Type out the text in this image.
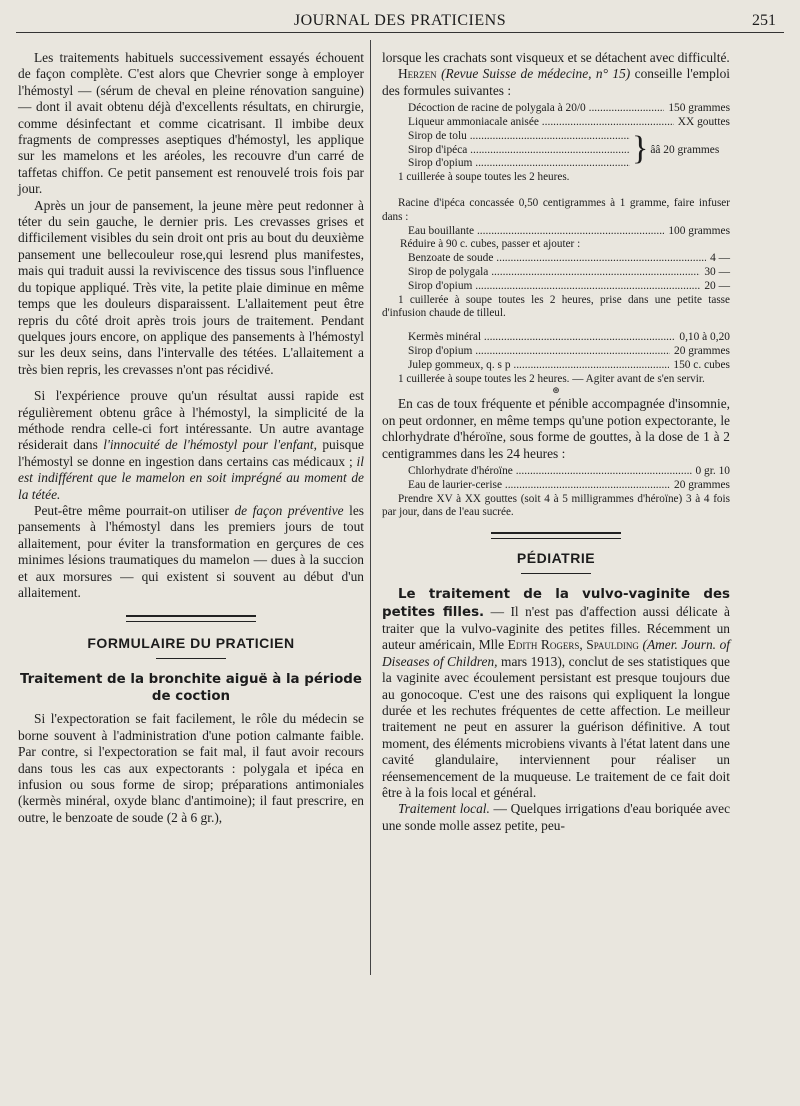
JOURNAL DES PRATICIENS	251

Les traitements habituels successivement essayés échouent de façon complète. C'est alors que Chevrier songe à employer l'hémostyl — (sérum de cheval en pleine rénovation sanguine) — dont il avait obtenu déjà d'excellents résultats, en chirurgie, comme désinfectant et comme cicatrisant. Il imbibe deux fragments de compresses aseptiques d'hémostyl, les applique sur les mamelons et les aréoles, les recouvre d'un carré de taffetas chiffon. Ce petit pansement est renouvelé trois fois par jour.

Après un jour de pansement, la jeune mère peut redonner à téter du sein gauche, le dernier pris. Les crevasses grises et difficilement visibles du sein droit ont pris au bout du deuxième pansement une bellecouleur rose,qui lesrend plus manifestes, mais qui traduit aussi la reviviscence des tissus sous l'influence du topique appliqué. Très vite, la petite plaie diminue en même temps que les douleurs disparaissent. L'allaitement peut être repris du côté droit après trois jours de traitement. Pendant quelques jours encore, on applique des pansements à l'hémostyl sur les deux seins, dans l'intervalle des tétées. L'allaitement a très bien repris, les crevasses n'ont pas récidivé.

Si l'expérience prouve qu'un résultat aussi rapide est régulièrement obtenu grâce à l'hémostyl, la simplicité de la méthode rendra celle-ci fort intéressante. Un autre avantage résiderait dans l'innocuité de l'hémostyl pour l'enfant, puisque l'hémostyl se donne en ingestion dans certains cas médicaux ; il est indifférent que le mamelon en soit imprégné au moment de la tétée.

Peut-être même pourrait-on utiliser de façon préventive les pansements à l'hémostyl dans les premiers jours de tout allaitement, pour éviter la transformation en gerçures de ces minimes lésions traumatiques du mamelon — dues à la succion et aux morsures — qui existent si souvent au début d'un allaitement.

FORMULAIRE DU PRATICIEN
Traitement de la bronchite aiguë à la période de coction

Si l'expectoration se fait facilement, le rôle du médecin se borne souvent à l'administration d'une potion calmante faible. Par contre, si l'expectoration se fait mal, il faut avoir recours dans tous les cas aux expectorants : polygala et ipéca en infusion ou sous forme de sirop; préparations antimoniales (kermès minéral, oxyde blanc d'antimoine); il faut prescrire, en outre, le benzoate de soude (2 à 6 gr.),

lorsque les crachats sont visqueux et se détachent avec difficulté.

Herzen (Revue Suisse de médecine, n° 15) conseille l'emploi des formules suivantes :

Décoction de racine de polygala à 20/0 .....	150 grammes
Liqueur ammoniacale anisée .....	XX gouttes
Sirop de tolu .....
Sirop d'ipéca .....
Sirop d'opium .....	} ââ 20 grammes
1 cuillerée à soupe toutes les 2 heures.
Racine d'ipéca concassée 0,50 centigrammes à 1 gramme, faire infuser dans :
Eau bouillante .....	100 grammes
Réduire à 90 c. cubes, passer et ajouter :
Benzoate de soude .....	4 —
Sirop de polygala .....	30 —
Sirop d'opium .....	20 —
1 cuillerée à soupe toutes les 2 heures, prise dans une petite tasse d'infusion chaude de tilleul.
Kermès minéral .....	0,10 à 0,20
Sirop d'opium .....	20 grammes
Julep gommeux, q. s p .....	150 c. cubes
1 cuillerée à soupe toutes les 2 heures. — Agiter avant de s'en servir.
⊛

En cas de toux fréquente et pénible accompagnée d'insomnie, on peut ordonner, en même temps qu'une potion expectorante, le chlorhydrate d'héroïne, sous forme de gouttes, à la dose de 1 à 2 centigrammes dans les 24 heures :

Chlorhydrate d'héroïne .....	0 gr. 10
Eau de laurier-cerise .....	20 grammes
Prendre XV à XX gouttes (soit 4 à 5 milligrammes d'héroïne) 3 à 4 fois par jour, dans de l'eau sucrée.
PÉDIATRIE

Le traitement de la vulvo-vaginite des petites filles. — Il n'est pas d'affection aussi délicate à traiter que la vulvo-vaginite des petites filles. Récemment un auteur américain, Mlle Edith Rogers, Spaulding (Amer. Journ. of Diseases of Children, mars 1913), conclut de ses statistiques que la vaginite avec écoulement persistant est presque toujours due au gonocoque. C'est une des raisons qui expliquent la longue durée et les rechutes fréquentes de cette affection. Le meilleur traitement ne peut en assurer la guérison définitive. A tout moment, des éléments microbiens vivants à l'état latent dans une cavité glandulaire, interviennent pour réaliser un réensemencement de la muqueuse. Le traitement de ce fait doit être à la fois local et général.

Traitement local. — Quelques irrigations d'eau boriquée avec une sonde molle assez petite, peu-
